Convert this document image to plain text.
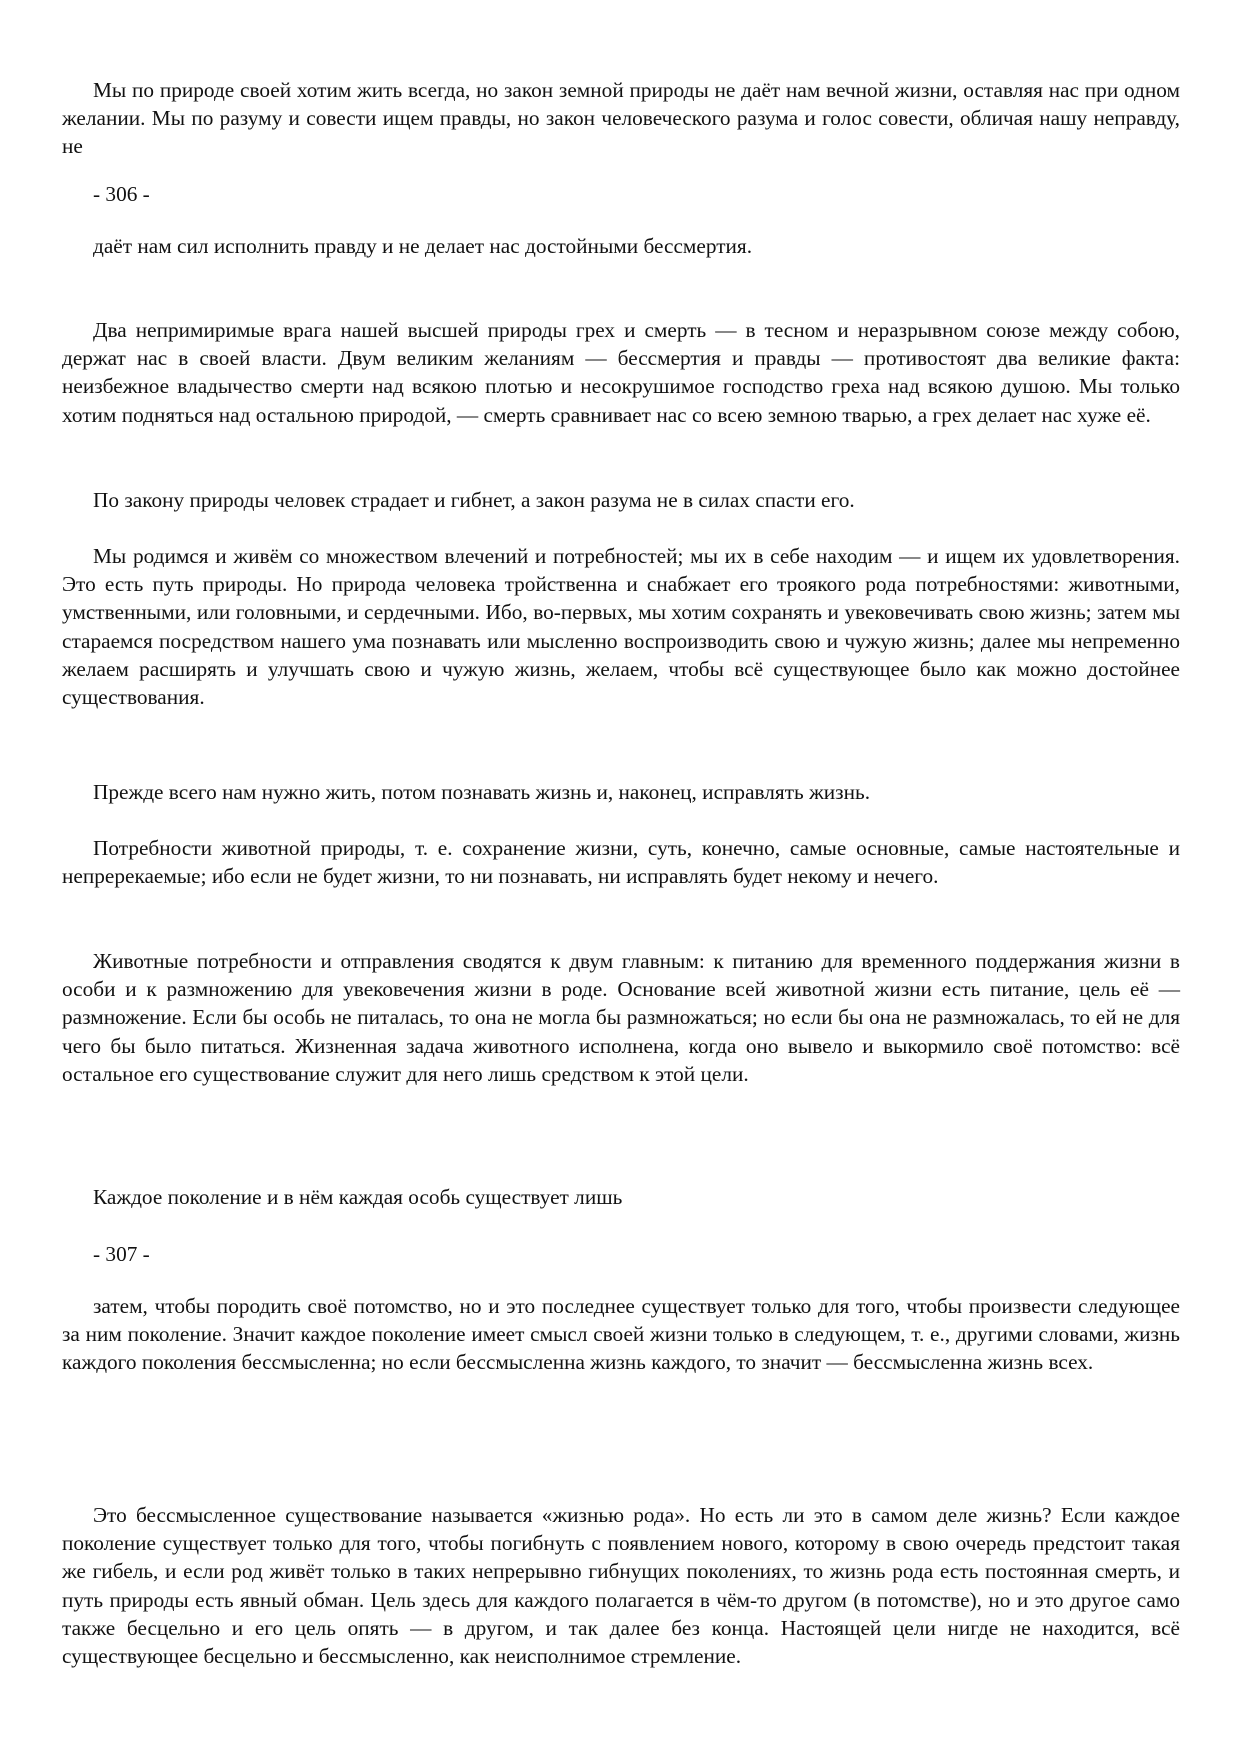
Мы по природе своей хотим жить всегда, но закон земной природы не даёт нам вечной жизни, оставляя нас при одном желании. Мы по разуму и совести ищем правды, но закон человеческого разума и голос совести, обличая нашу неправду, не

- 306 -

даёт нам сил исполнить правду и не делает нас достойными бессмертия.

Два непримиримые врага нашей высшей природы грех и смерть — в тесном и неразрывном союзе между собою, держат нас в своей власти. Двум великим желаниям — бессмертия и правды — противостоят два великие факта: неизбежное владычество смерти над всякою плотью и несокрушимое господство греха над всякою душою. Мы только хотим подняться над остальною природой, — смерть сравнивает нас со всею земною тварью, а грех делает нас хуже её.

По закону природы человек страдает и гибнет, а закон разума не в силах спасти его.

Мы родимся и живём со множеством влечений и потребностей; мы их в себе находим — и ищем их удовлетворения. Это есть путь природы. Но природа человека тройственна и снабжает его троякого рода потребностями: животными, умственными, или головными, и сердечными. Ибо, во-первых, мы хотим сохранять и увековечивать свою жизнь; затем мы стараемся посредством нашего ума познавать или мысленно воспроизводить свою и чужую жизнь; далее мы непременно желаем расширять и улучшать свою и чужую жизнь, желаем, чтобы всё существующее было как можно достойнее существования.

Прежде всего нам нужно жить, потом познавать жизнь и, наконец, исправлять жизнь.

Потребности животной природы, т. е. сохранение жизни, суть, конечно, самые основные, самые настоятельные и непререкаемые; ибо если не будет жизни, то ни познавать, ни исправлять будет некому и нечего.

Животные потребности и отправления сводятся к двум главным: к питанию для временного поддержания жизни в особи и к размножению для увековечения жизни в роде. Основание всей животной жизни есть питание, цель её — размножение. Если бы особь не питалась, то она не могла бы размножаться; но если бы она не размножалась, то ей не для чего бы было питаться. Жизненная задача животного исполнена, когда оно вывело и выкормило своё потомство: всё остальное его существование служит для него лишь средством к этой цели.

Каждое поколение и в нём каждая особь существует лишь

- 307 -

затем, чтобы породить своё потомство, но и это последнее существует только для того, чтобы произвести следующее за ним поколение. Значит каждое поколение имеет смысл своей жизни только в следующем, т. е., другими словами, жизнь каждого поколения бессмысленна; но если бессмысленна жизнь каждого, то значит — бессмысленна жизнь всех.

Это бессмысленное существование называется «жизнью рода». Но есть ли это в самом деле жизнь? Если каждое поколение существует только для того, чтобы погибнуть с появлением нового, которому в свою очередь предстоит такая же гибель, и если род живёт только в таких непрерывно гибнущих поколениях, то жизнь рода есть постоянная смерть, и путь природы есть явный обман. Цель здесь для каждого полагается в чём-то другом (в потомстве), но и это другое само также бесцельно и его цель опять — в другом, и так далее без конца. Настоящей цели нигде не находится, всё существующее бесцельно и бессмысленно, как неисполнимое стремление.
